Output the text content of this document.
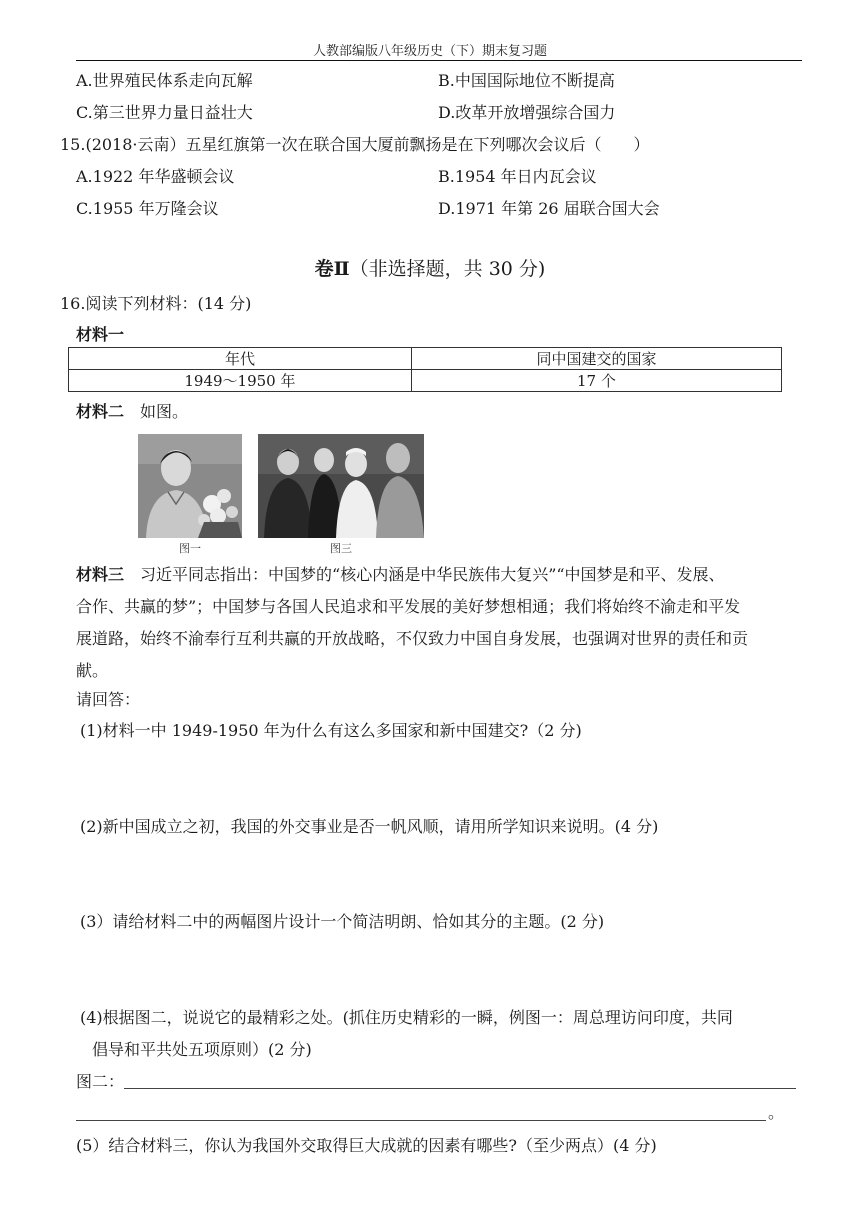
人教部编版八年级历史（下）期末复习题
A.世界殖民体系走向瓦解	B.中国国际地位不断提高
C.第三世界力量日益壮大	D.改革开放增强综合国力
15.(2018·云南）五星红旗第一次在联合国大厦前飘扬是在下列哪次会议后（　　）
A.1922 年华盛顿会议	B.1954 年日内瓦会议
C.1955 年万隆会议	D.1971 年第 26 届联合国大会
卷Ⅱ（非选择题，共 30 分)
16.阅读下列材料：(14 分)
材料一
年代	同中国建交的国家
1949～1950 年	17 个
材料二 如图。
图一	图三
材料三 习近平同志指出：中国梦的“核心内涵是中华民族伟大复兴”“中国梦是和平、发展、
合作、共赢的梦”；中国梦与各国人民追求和平发展的美好梦想相通；我们将始终不渝走和平发
展道路，始终不渝奉行互利共赢的开放战略，不仅致力中国自身发展，也强调对世界的责任和贡
献。
请回答：
(1)材料一中 1949-1950 年为什么有这么多国家和新中国建交?（2 分)
(2)新中国成立之初，我国的外交事业是否一帆风顺，请用所学知识来说明。(4 分)
(3）请给材料二中的两幅图片设计一个简洁明朗、恰如其分的主题。(2 分)
(4)根据图二，说说它的最精彩之处。(抓住历史精彩的一瞬，例图一：周总理访问印度，共同
倡导和平共处五项原则）(2 分)
图二：
。
(5）结合材料三，你认为我国外交取得巨大成就的因素有哪些?（至少两点）(4 分)
